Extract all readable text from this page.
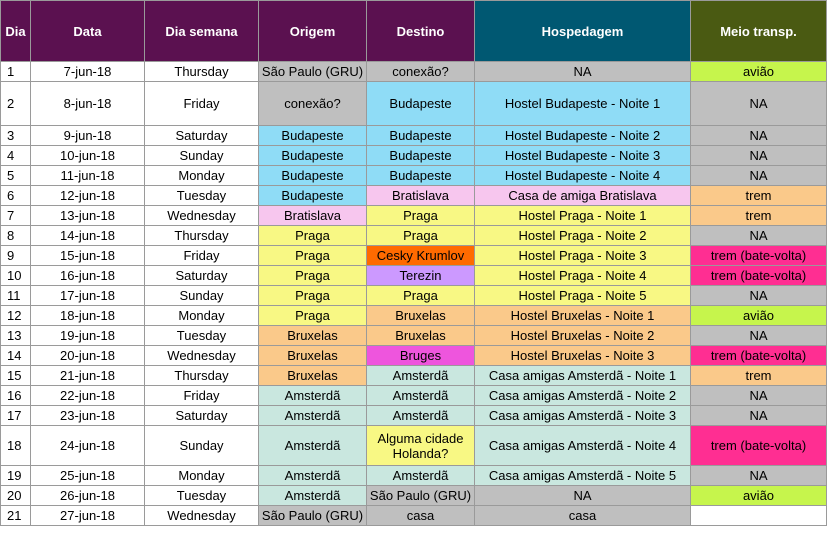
Dia	Data	Dia semana	Origem	Destino	Hospedagem	Meio transp.
1	7-jun-18	Thursday	São Paulo (GRU)	conexão?	NA	avião
2	8-jun-18	Friday	conexão?	Budapeste	Hostel Budapeste - Noite 1	NA
3	9-jun-18	Saturday	Budapeste	Budapeste	Hostel Budapeste - Noite 2	NA
4	10-jun-18	Sunday	Budapeste	Budapeste	Hostel Budapeste - Noite 3	NA
5	11-jun-18	Monday	Budapeste	Budapeste	Hostel Budapeste - Noite 4	NA
6	12-jun-18	Tuesday	Budapeste	Bratislava	Casa de amiga Bratislava	trem
7	13-jun-18	Wednesday	Bratislava	Praga	Hostel Praga - Noite 1	trem
8	14-jun-18	Thursday	Praga	Praga	Hostel Praga - Noite 2	NA
9	15-jun-18	Friday	Praga	Cesky Krumlov	Hostel Praga - Noite 3	trem (bate-volta)
10	16-jun-18	Saturday	Praga	Terezin	Hostel Praga - Noite 4	trem (bate-volta)
11	17-jun-18	Sunday	Praga	Praga	Hostel Praga - Noite 5	NA
12	18-jun-18	Monday	Praga	Bruxelas	Hostel Bruxelas - Noite 1	avião
13	19-jun-18	Tuesday	Bruxelas	Bruxelas	Hostel Bruxelas - Noite 2	NA
14	20-jun-18	Wednesday	Bruxelas	Bruges	Hostel Bruxelas - Noite 3	trem (bate-volta)
15	21-jun-18	Thursday	Bruxelas	Amsterdã	Casa amigas Amsterdã - Noite 1	trem
16	22-jun-18	Friday	Amsterdã	Amsterdã	Casa amigas Amsterdã - Noite 2	NA
17	23-jun-18	Saturday	Amsterdã	Amsterdã	Casa amigas Amsterdã - Noite 3	NA
18	24-jun-18	Sunday	Amsterdã	Alguma cidade Holanda?	Casa amigas Amsterdã - Noite 4	trem (bate-volta)
19	25-jun-18	Monday	Amsterdã	Amsterdã	Casa amigas Amsterdã - Noite 5	NA
20	26-jun-18	Tuesday	Amsterdã	São Paulo (GRU)	NA	avião
21	27-jun-18	Wednesday	São Paulo (GRU)	casa	casa	
